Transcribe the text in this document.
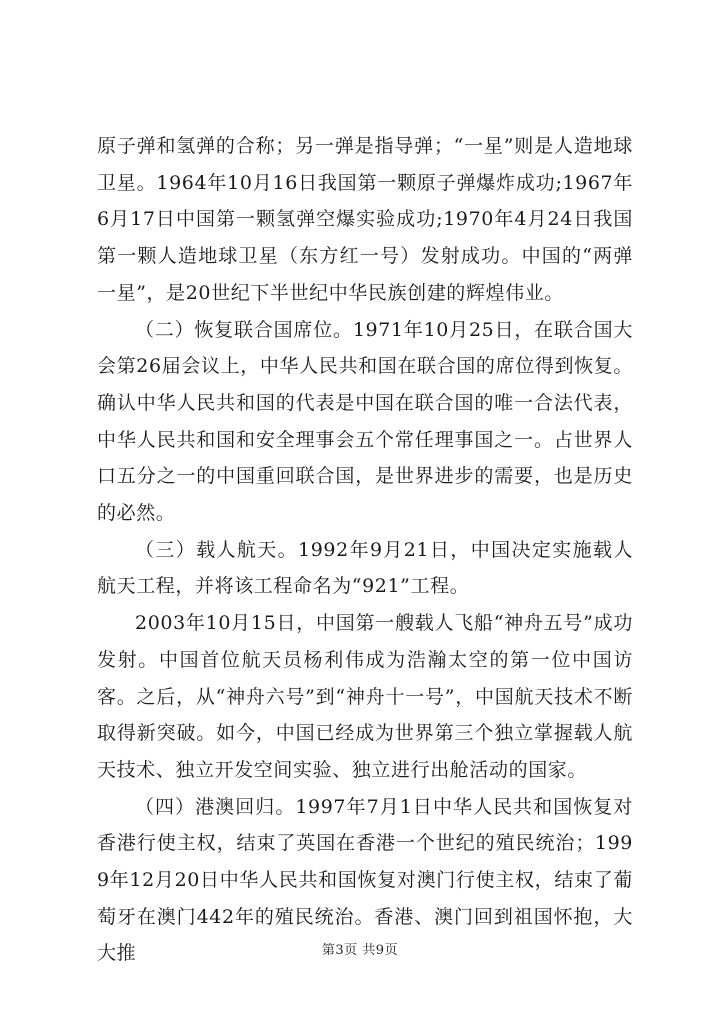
原子弹和氢弹的合称；另一弹是指导弹；“一星”则是人造地球卫星。1964年10月16日我国第一颗原子弹爆炸成功;1967年6月17日中国第一颗氢弹空爆实验成功;1970年4月24日我国第一颗人造地球卫星（东方红一号）发射成功。中国的“两弹一星”，是20世纪下半世纪中华民族创建的辉煌伟业。

（二）恢复联合国席位。1971年10月25日，在联合国大会第26届会议上，中华人民共和国在联合国的席位得到恢复。确认中华人民共和国的代表是中国在联合国的唯一合法代表，中华人民共和国和安全理事会五个常任理事国之一。占世界人口五分之一的中国重回联合国，是世界进步的需要，也是历史的必然。

（三）载人航天。1992年9月21日，中国决定实施载人航天工程，并将该工程命名为“921”工程。

2003年10月15日，中国第一艘载人飞船“神舟五号”成功发射。中国首位航天员杨利伟成为浩瀚太空的第一位中国访客。之后，从“神舟六号”到“神舟十一号”，中国航天技术不断取得新突破。如今，中国已经成为世界第三个独立掌握载人航天技术、独立开发空间实验、独立进行出舱活动的国家。

（四）港澳回归。1997年7月1日中华人民共和国恢复对香港行使主权，结束了英国在香港一个世纪的殖民统治；1999年12月20日中华人民共和国恢复对澳门行使主权，结束了葡萄牙在澳门442年的殖民统治。香港、澳门回到祖国怀抱，大大推	第3页 共9页
